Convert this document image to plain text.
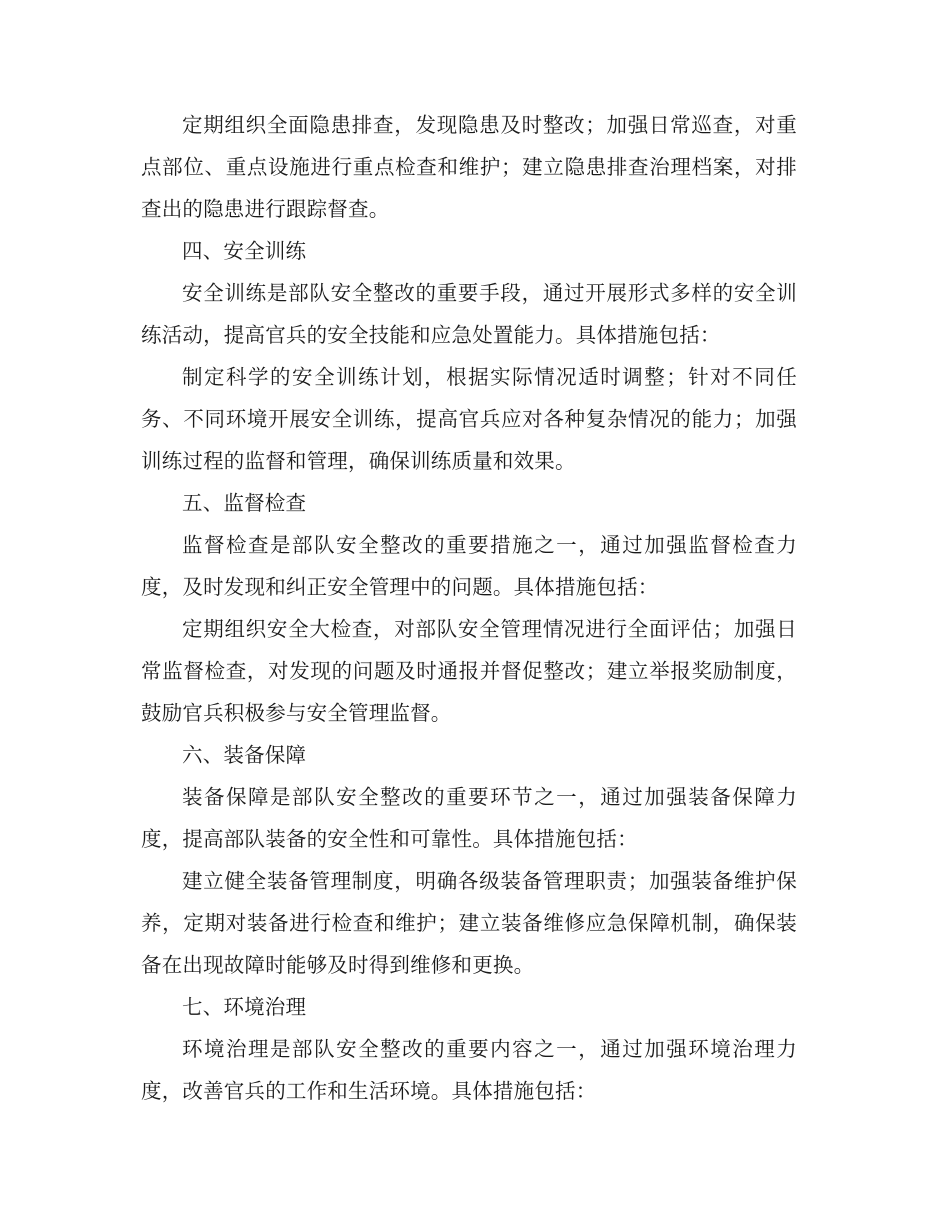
定期组织全面隐患排查，发现隐患及时整改；加强日常巡查，对重点部位、重点设施进行重点检查和维护；建立隐患排查治理档案，对排查出的隐患进行跟踪督查。

四、安全训练

安全训练是部队安全整改的重要手段，通过开展形式多样的安全训练活动，提高官兵的安全技能和应急处置能力。具体措施包括：

制定科学的安全训练计划，根据实际情况适时调整；针对不同任务、不同环境开展安全训练，提高官兵应对各种复杂情况的能力；加强训练过程的监督和管理，确保训练质量和效果。

五、监督检查

监督检查是部队安全整改的重要措施之一，通过加强监督检查力度，及时发现和纠正安全管理中的问题。具体措施包括：

定期组织安全大检查，对部队安全管理情况进行全面评估；加强日常监督检查，对发现的问题及时通报并督促整改；建立举报奖励制度，鼓励官兵积极参与安全管理监督。

六、装备保障

装备保障是部队安全整改的重要环节之一，通过加强装备保障力度，提高部队装备的安全性和可靠性。具体措施包括：

建立健全装备管理制度，明确各级装备管理职责；加强装备维护保养，定期对装备进行检查和维护；建立装备维修应急保障机制，确保装备在出现故障时能够及时得到维修和更换。

七、环境治理

环境治理是部队安全整改的重要内容之一，通过加强环境治理力度，改善官兵的工作和生活环境。具体措施包括：
